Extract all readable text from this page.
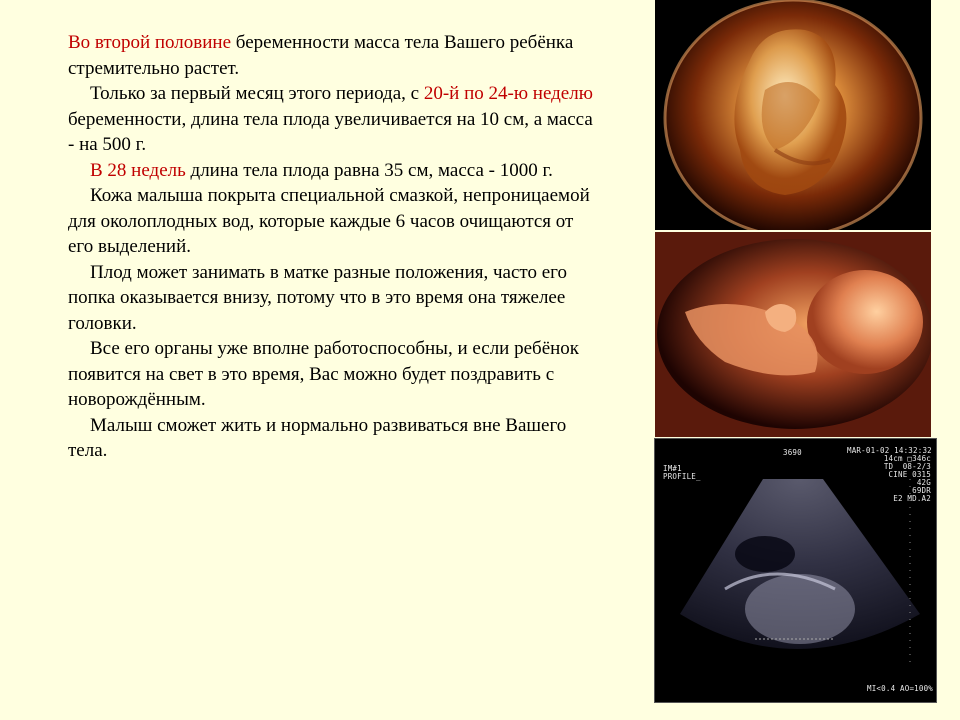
Во второй половине беременности масса тела Вашего ребёнка стремительно растет.

Только за первый месяц этого периода, с 20-й по 24-ю неделю беременности, длина тела плода увеличивается на 10 см, а масса - на 500 г.

В 28 недель длина тела плода равна 35 см, масса - 1000 г.

Кожа малыша покрыта специальной смазкой, непроницаемой для околоплодных вод, которые каждые 6 часов очищаются от его выделений.

Плод может занимать в матке разные положения, часто его попка оказывается внизу, потому что в это время она тяжелее головки.

Все его органы уже вполне работоспособны, и если ребёнок появится на свет в это время, Вас можно будет поздравить с новорождённым.

Малыш сможет жить и нормально развиваться вне Вашего тела.	3690
IM#1
PROFILE_
MAR-01-02 14:32:32
14cm □346c
TD  08-2/3
CINE 0315
42G
69DR
E2 MD.A2
MI<0.4 AO=100%
